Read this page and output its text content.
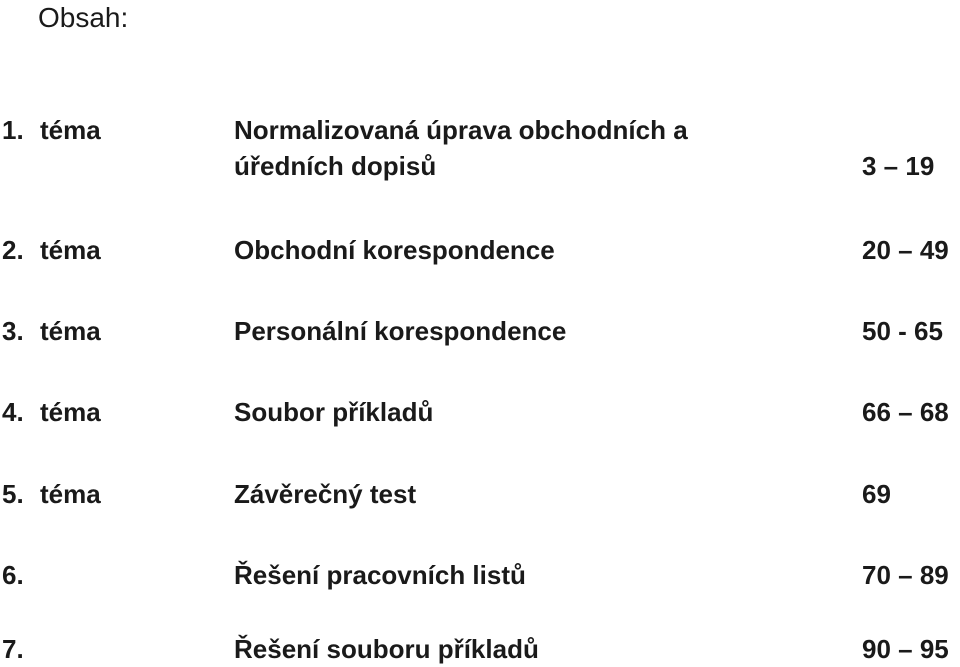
Obsah:
1. téma	Normalizovaná úprava obchodních a
úředních dopisů	3 – 19
2. téma	Obchodní korespondence	20 – 49
3. téma	Personální korespondence	50 - 65
4. téma	Soubor příkladů	66 – 68
5. téma	Závěrečný test	69
6.	Řešení pracovních listů	70 – 89
7.	Řešení souboru příkladů	90 – 95
